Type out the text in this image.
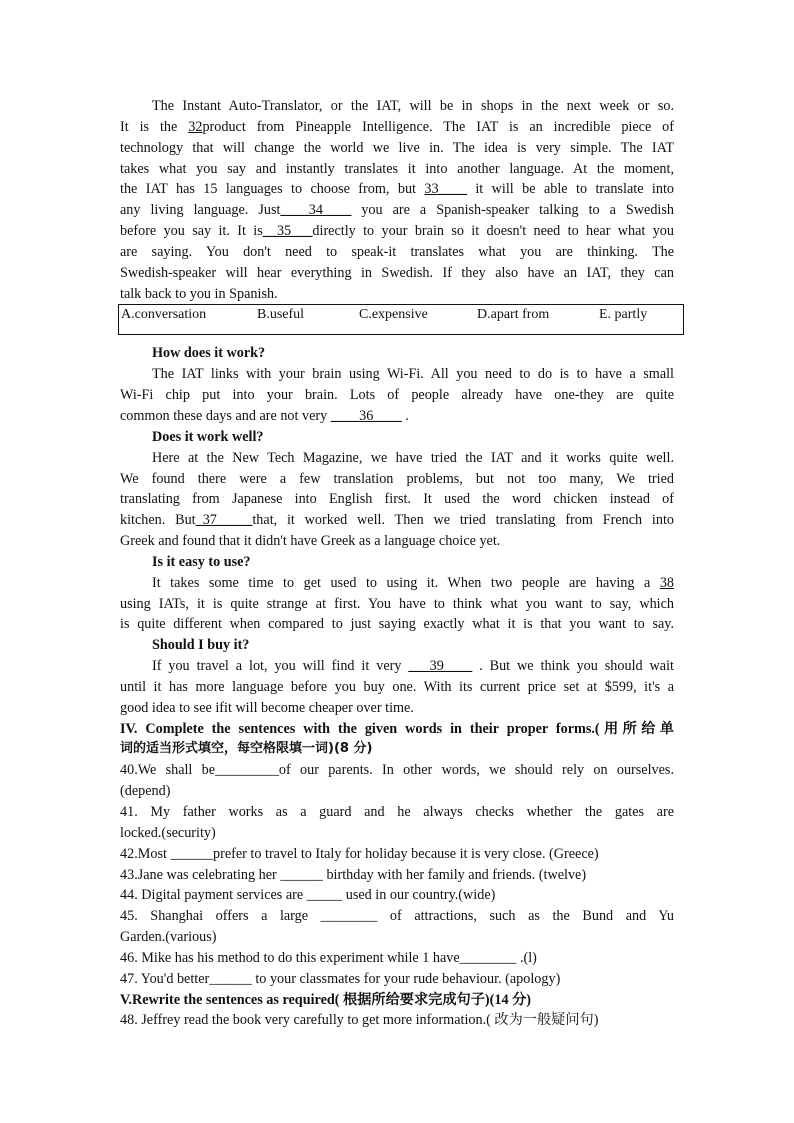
The Instant Auto-Translator, or the IAT, will be in shops in the next week or so.
It is the 32product from Pineapple Intelligence. The IAT is an incredible piece of
technology that will change the world we live in. The idea is very simple. The IAT
takes what you say and instantly translates it into another language. At the moment,
the IAT has 15 languages to choose from, but 33____ it will be able to translate into
any living language. Just____34____ you are a Spanish-speaker talking to a Swedish
before you say it. It is__35___directly to your brain so it doesn't need to hear what you
are saying. You don't need to speak-it translates what you are thinking. The
Swedish-speaker will hear everything in Swedish. If they also have an IAT, they can
talk back to you in Spanish.
A.conversation	B.useful	C.expensive	D.apart from	E. partly
How does it work?
The IAT links with your brain using Wi-Fi. All you need to do is to have a small
Wi-Fi chip put into your brain. Lots of people already have one-they are quite
common these days and are not very ____36____ .
Does it work well?
Here at the New Tech Magazine, we have tried the IAT and it works quite well.
We found there were a few translation problems, but not too many, We tried
translating from Japanese into English first. It used the word chicken instead of
kitchen. But_37_____that, it worked well. Then we tried translating from French into
Greek and found that it didn't have Greek as a language choice yet.
Is it easy to use?
It takes some time to get used to using it. When two people are having a 38
using IATs, it is quite strange at first. You have to think what you want to say, which
is quite different when compared to just saying exactly what it is that you want to say.
Should I buy it?
If you travel a lot, you will find it very ___39____ . But we think you should wait
until it has more language before you buy one. With its current price set at $599, it's a
good idea to see ifit will become cheaper over time.
IV. Complete the sentences with the given words in their proper forms.(用所给单
词的适当形式填空，每空格限填一词)(8 分)
40.We shall be_________of our parents. In other words, we should rely on ourselves.
(depend)
41. My father works as a guard and he always checks whether the gates are
locked.(security)
42.Most ______prefer to travel to Italy for holiday because it is very close. (Greece)
43.Jane was celebrating her ______ birthday with her family and friends. (twelve)
44. Digital payment services are _____ used in our country.(wide)
45. Shanghai offers a large ________ of attractions, such as the Bund and Yu
Garden.(various)
46. Mike has his method to do this experiment while 1 have________ .(l)
47. You'd better______ to your classmates for your rude behaviour. (apology)
V.Rewrite the sentences as required( 根据所给要求完成句子)(14 分)
48. Jeffrey read the book very carefully to get more information.( 改为一般疑问句)
